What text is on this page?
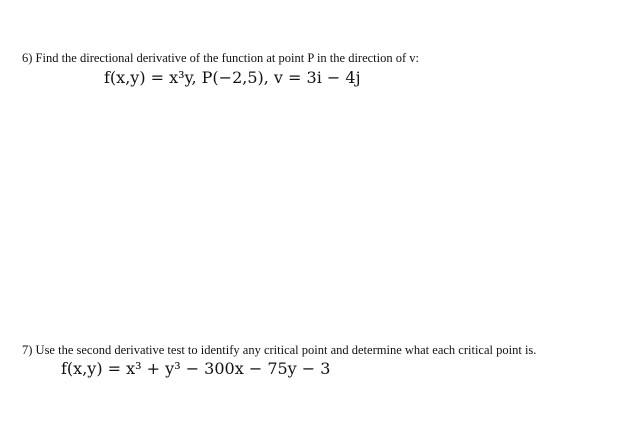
6) Find the directional derivative of the function at point P in the direction of v:
f(x,y) = x³y, P(−2,5), v = 3i − 4j
7) Use the second derivative test to identify any critical point and determine what each critical point is.
f(x,y) = x³ + y³ − 300x − 75y − 3
